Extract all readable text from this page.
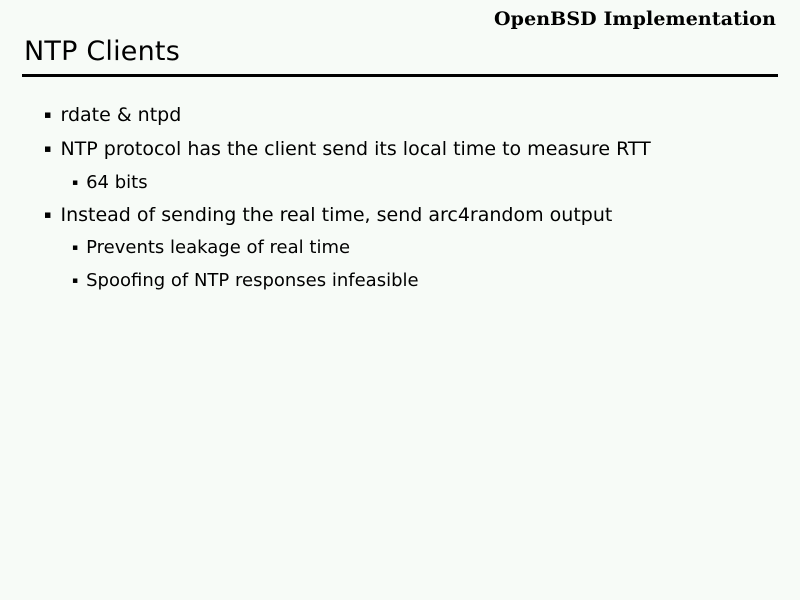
OpenBSD Implementation
NTP Clients
▪ rdate & ntpd
▪ NTP protocol has the client send its local time to measure RTT
▪ 64 bits
▪ Instead of sending the real time, send arc4random output
▪ Prevents leakage of real time
▪ Spoofing of NTP responses infeasible
